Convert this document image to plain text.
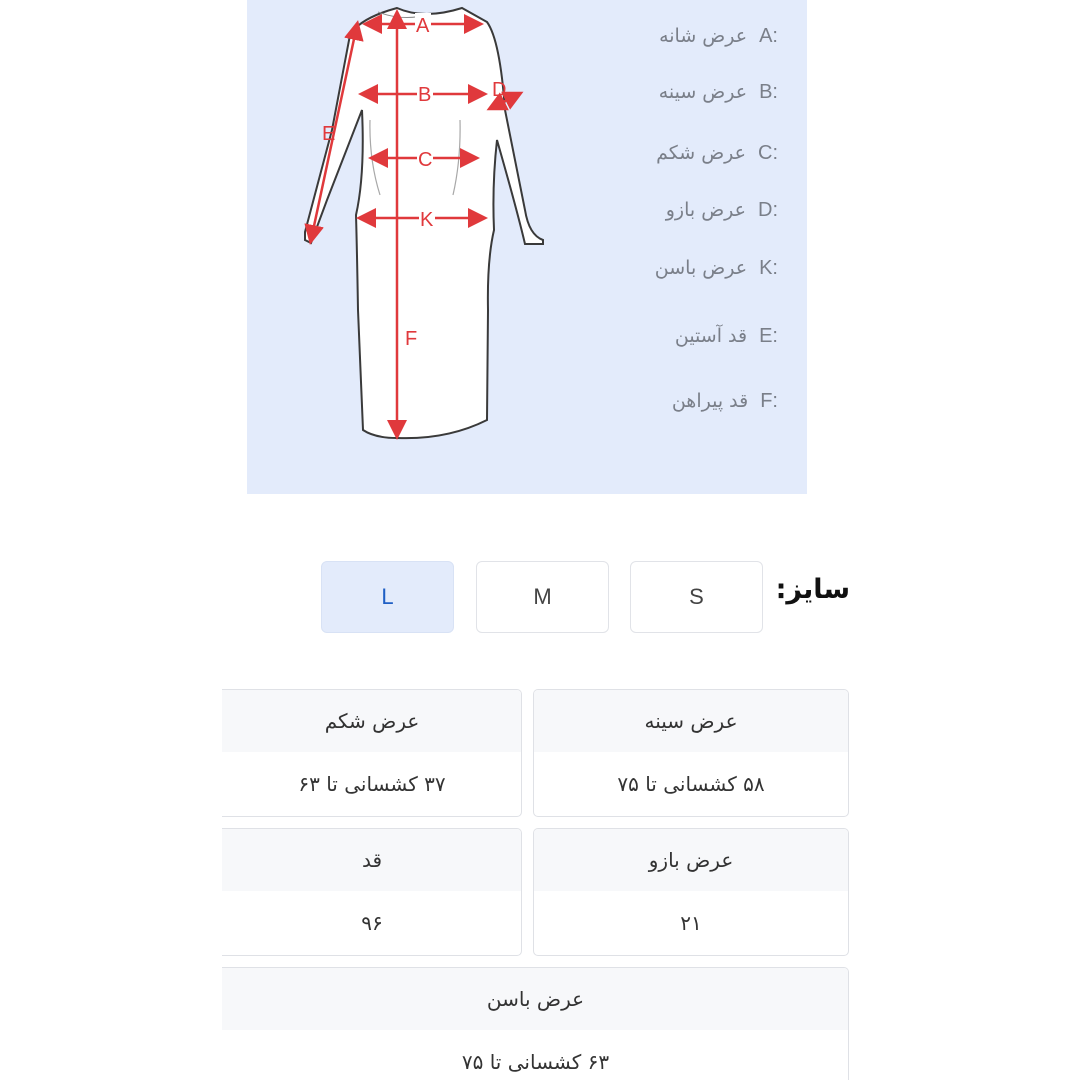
A
B
C
K
D
E
F
عرض شانه A:
عرض سینه B:
عرض شکم C:
عرض بازو D:
عرض باسن K:
قد آستین E:
قد پیراهن F:
سایز:
S
M
L
عرض سینه
۵۸ کشسانی تا ۷۵
عرض شکم
۳۷ کشسانی تا ۶۳
عرض بازو
۲۱
قد
۹۶
عرض باسن
۶۳ کشسانی تا ۷۵
